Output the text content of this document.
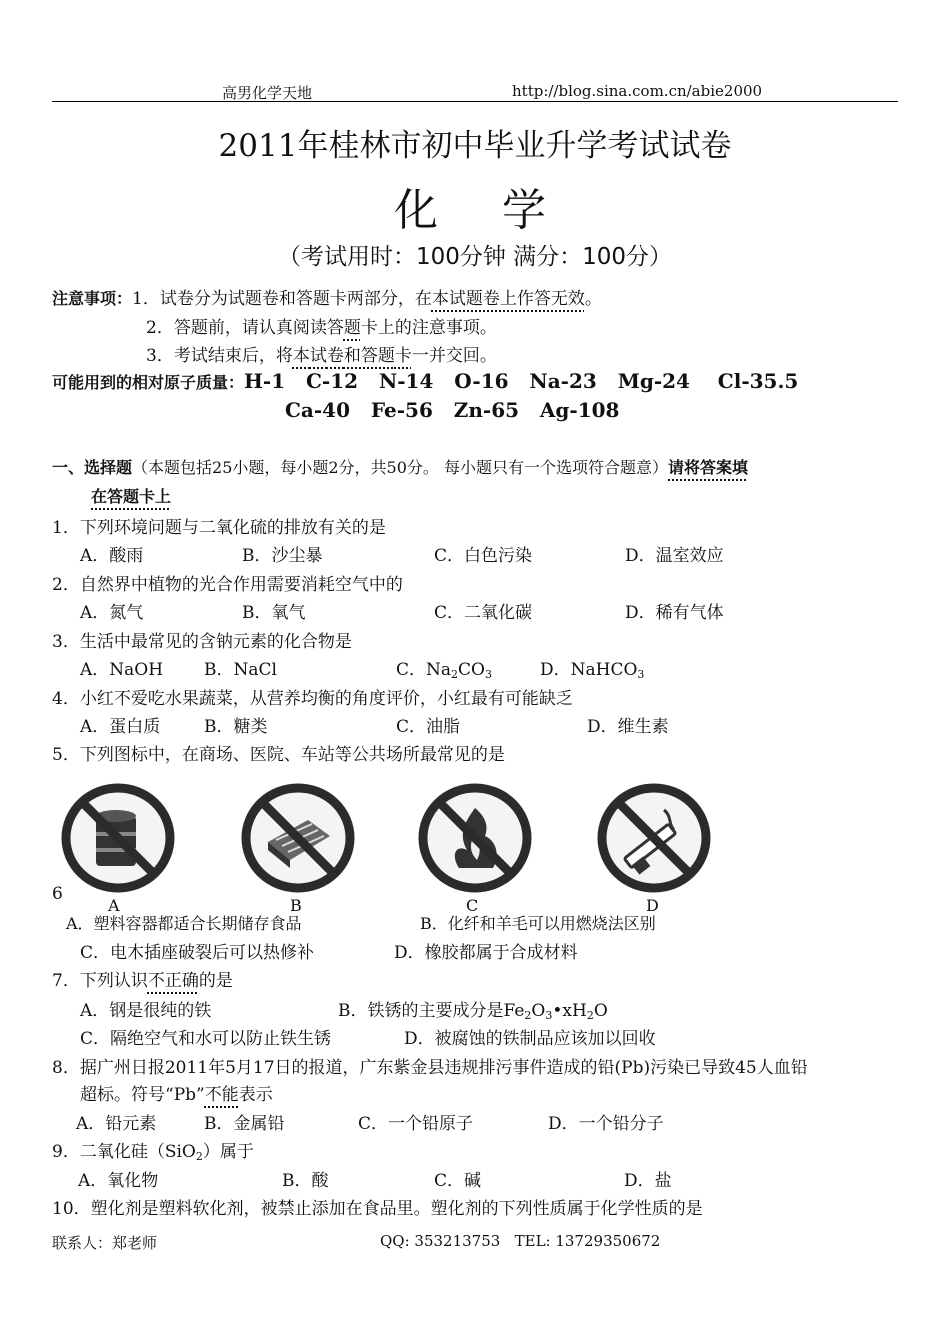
高男化学天地	http://blog.sina.com.cn/abie2000
2011年桂林市初中毕业升学考试试卷
化　学
（考试用时：100分钟 满分：100分）
注意事项：1．试卷分为试题卷和答题卡两部分，在本试题卷上作答无效。
2．答题前，请认真阅读答题卡上的注意事项。
3．考试结束后，将本试卷和答题卡一并交回。
可能用到的相对原子质量：H-1   C-12   N-14   O-16   Na-23   Mg-24    Cl-35.5
Ca-40   Fe-56   Zn-65   Ag-108
一、选择题（本题包括25小题，每小题2分，共50分。 每小题只有一个选项符合题意）请将答案填
在答题卡上
1．下列环境问题与二氧化硫的排放有关的是
A．酸雨	B．沙尘暴	C．白色污染	D．温室效应
2．自然界中植物的光合作用需要消耗空气中的
A．氮气	B．氧气	C．二氧化碳	D．稀有气体
3．生活中最常见的含钠元素的化合物是
A．NaOH B．NaCl	C．$Na_2CO_3$	D．NaHCO$_3$
4．小红不爱吃水果蔬菜，从营养均衡的角度评价，小红最有可能缺乏
A．蛋白质	B．糖类	C．油脂	D．维生素
5．下列图标中，在商场、医院、车站等公共场所最常见的是
A	B	C	D
6
A．塑料容器都适合长期储存食品	B．化纤和羊毛可以用燃烧法区别
C．电木插座破裂后可以热修补	D．橡胶都属于合成材料
7．下列认识不正确的是
A．钢是很纯的铁	B．铁锈的主要成分是$Fe_2O_3•xH_2O$
C．隔绝空气和水可以防止铁生锈	D．被腐蚀的铁制品应该加以回收
8．据广州日报2011年5月17日的报道，广东紫金县违规排污事件造成的铅(Pb)污染已导致45人血铅
超标。符号“Pb”不能表示
A．铅元素	B．金属铅	C．一个铅原子	D．一个铅分子
9．二氧化硅（SiO$_2$）属于
A．氧化物	B．酸	C．碱	D．盐
10．塑化剂是塑料软化剂，被禁止添加在食品里。塑化剂的下列性质属于化学性质的是
联系人：郑老师	QQ: 353213753   TEL: 13729350672
